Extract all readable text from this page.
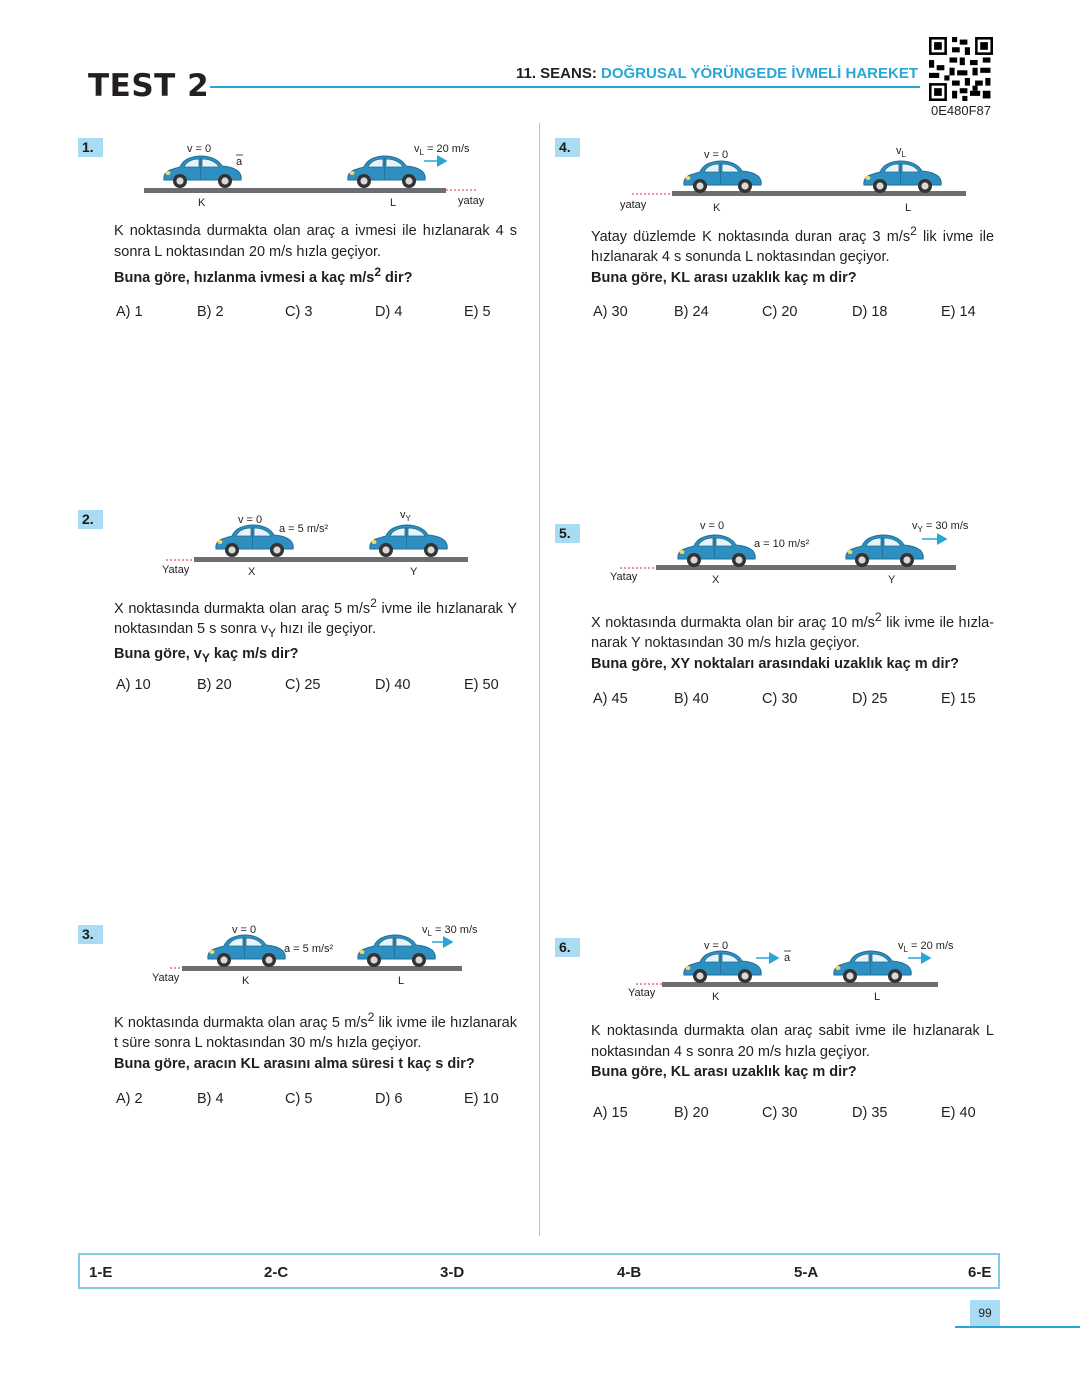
TEST 2	11. SEANS: DOĞRUSAL YÖRÜNGEDE İVMELİ HAREKET
0E480F87
1.	v = 0
a
$v_L = 20$ m/s
K	L	yatay
K noktasında durmakta olan araç a ivmesi ile hızlanarak 4 s sonra L noktasından 20 m/s hızla geçiyor.
Buna göre, hızlanma ivmesi a kaç $m/s^2$ dir?
A) 1	B) 2	C) 3	D) 4	E) 5
2.	v = 0
a = 5 m/s²
$v_Y$
Yatay	X	Y
X noktasında durmakta olan araç 5 $m/s^2$ ivme ile hızlanarak Y noktasından 5 s sonra $v_Y$ hızı ile geçiyor.
Buna göre, $v_Y$ kaç m/s dir?
A) 10	B) 20	C) 25	D) 40	E) 50
3.	v = 0
a = 5 m/s²
$v_L = 30$ m/s
Yatay	K	L
K noktasında durmakta olan araç 5 $m/s^2$ lik ivme ile hızlanarak t süre sonra L noktasından 30 m/s hızla geçiyor.
Buna göre, aracın KL arasını alma süresi t kaç s dir?
A) 2	B) 4	C) 5	D) 6	E) 10
4.	v = 0	$v_L$
yatay	K	L
Yatay düzlemde K noktasında duran araç 3 $m/s^2$ lik ivme ile hızlanarak 4 s sonunda L noktasından geçiyor.
Buna göre, KL arası uzaklık kaç m dir?
A) 30	B) 24	C) 20	D) 18	E) 14
5.	v = 0
a = 10 m/s²
$v_Y = 30$ m/s
Yatay	X	Y
X noktasında durmakta olan bir araç 10 $m/s^2$ lik ivme ile hızlanarak Y noktasından 30 m/s hızla geçiyor.
Buna göre, XY noktaları arasındaki uzaklık kaç m dir?
A) 45	B) 40	C) 30	D) 25	E) 15
6.	v = 0
a
$v_L = 20$ m/s
Yatay	K	L
K noktasında durmakta olan araç sabit ivme ile hızlanarak L noktasından 4 s sonra 20 m/s hızla geçiyor.
Buna göre, KL arası uzaklık kaç m dir?
A) 15	B) 20	C) 30	D) 35	E) 40
1-E	2-C	3-D	4-B	5-A	6-E
99
